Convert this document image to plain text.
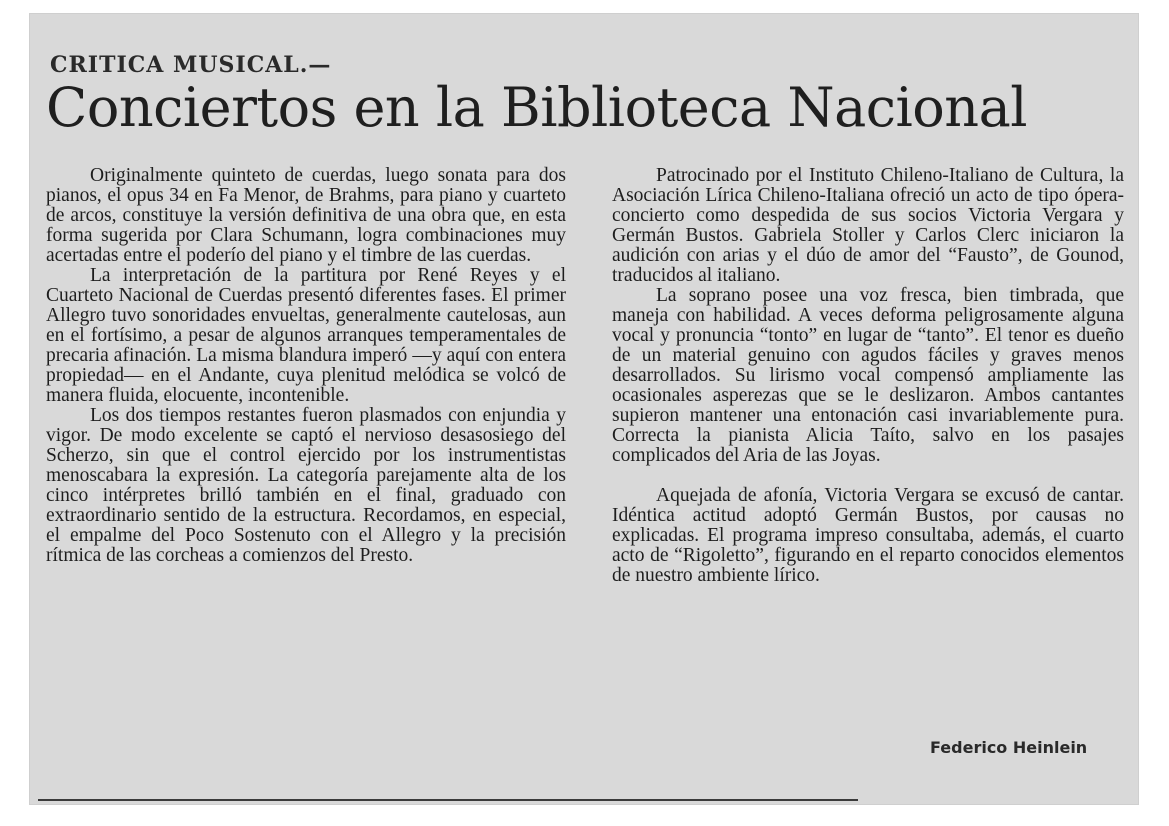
CRITICA MUSICAL.—
Conciertos en la Biblioteca Nacional

Originalmente quinteto de cuerdas, luego sonata para dos pianos, el opus 34 en Fa Menor, de Brahms, para piano y cuarteto de arcos, constituye la versión definitiva de una obra que, en esta forma sugerida por Clara Schumann, logra combinaciones muy acertadas entre el poderío del piano y el timbre de las cuerdas.

La interpretación de la partitura por René Reyes y el Cuarteto Nacional de Cuerdas presentó diferentes fases. El primer Allegro tuvo sonoridades envueltas, generalmente cautelosas, aun en el fortísimo, a pesar de algunos arranques temperamentales de precaria afinación. La misma blandura imperó —y aquí con entera propiedad— en el Andante, cuya plenitud melódica se volcó de manera fluida, elocuente, incontenible.

Los dos tiempos restantes fueron plasmados con enjundia y vigor. De modo excelente se captó el nervioso desasosiego del Scherzo, sin que el control ejercido por los instrumentistas menoscabara la expresión. La categoría parejamente alta de los cinco intérpretes brilló también en el final, graduado con extraordinario sentido de la estructura. Recordamos, en especial, el empalme del Poco Sostenuto con el Allegro y la precisión rítmica de las corcheas a comienzos del Presto.

Patrocinado por el Instituto Chileno-Italiano de Cultura, la Asociación Lírica Chileno-Italiana ofreció un acto de tipo ópera-concierto como despedida de sus socios Victoria Vergara y Germán Bustos. Gabriela Stoller y Carlos Clerc iniciaron la audición con arias y el dúo de amor del “Fausto”, de Gounod, traducidos al italiano.

La soprano posee una voz fresca, bien timbrada, que maneja con habilidad. A veces deforma peligrosamente alguna vocal y pronuncia “tonto” en lugar de “tanto”. El tenor es dueño de un material genuino con agudos fáciles y graves menos desarrollados. Su lirismo vocal compensó ampliamente las ocasionales asperezas que se le deslizaron. Ambos cantantes supieron mantener una entonación casi invariablemente pura. Correcta la pianista Alicia Taíto, salvo en los pasajes complicados del Aria de las Joyas.

Aquejada de afonía, Victoria Vergara se excusó de cantar. Idéntica actitud adoptó Germán Bustos, por causas no explicadas. El programa impreso consultaba, además, el cuarto acto de “Rigoletto”, figurando en el reparto conocidos elementos de nuestro ambiente lírico.

Federico Heinlein
